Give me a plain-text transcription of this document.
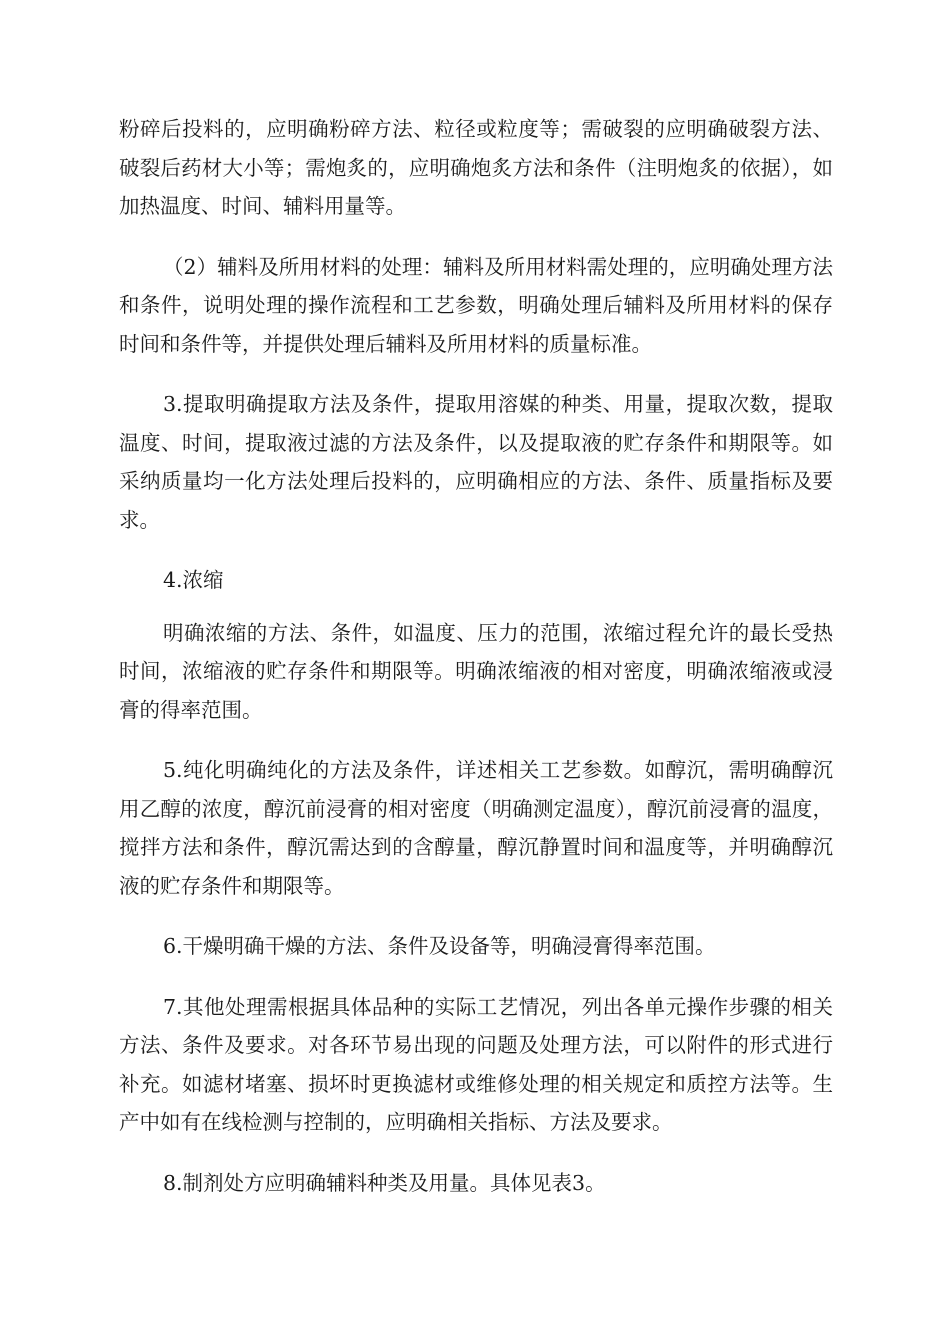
粉碎后投料的，应明确粉碎方法、粒径或粒度等；需破裂的应明确破裂方法、破裂后药材大小等；需炮炙的，应明确炮炙方法和条件（注明炮炙的依据），如加热温度、时间、辅料用量等。

（2）辅料及所用材料的处理：辅料及所用材料需处理的，应明确处理方法和条件，说明处理的操作流程和工艺参数，明确处理后辅料及所用材料的保存时间和条件等，并提供处理后辅料及所用材料的质量标准。

3.提取明确提取方法及条件，提取用溶媒的种类、用量，提取次数，提取温度、时间，提取液过滤的方法及条件，以及提取液的贮存条件和期限等。如采纳质量均一化方法处理后投料的，应明确相应的方法、条件、质量指标及要求。

4.浓缩

明确浓缩的方法、条件，如温度、压力的范围，浓缩过程允许的最长受热时间，浓缩液的贮存条件和期限等。明确浓缩液的相对密度，明确浓缩液或浸膏的得率范围。

5.纯化明确纯化的方法及条件，详述相关工艺参数。如醇沉，需明确醇沉用乙醇的浓度，醇沉前浸膏的相对密度（明确测定温度），醇沉前浸膏的温度，搅拌方法和条件，醇沉需达到的含醇量，醇沉静置时间和温度等，并明确醇沉液的贮存条件和期限等。

6.干燥明确干燥的方法、条件及设备等，明确浸膏得率范围。

7.其他处理需根据具体品种的实际工艺情况，列出各单元操作步骤的相关方法、条件及要求。对各环节易出现的问题及处理方法，可以附件的形式进行补充。如滤材堵塞、损坏时更换滤材或维修处理的相关规定和质控方法等。生产中如有在线检测与控制的，应明确相关指标、方法及要求。

8.制剂处方应明确辅料种类及用量。具体见表3。
